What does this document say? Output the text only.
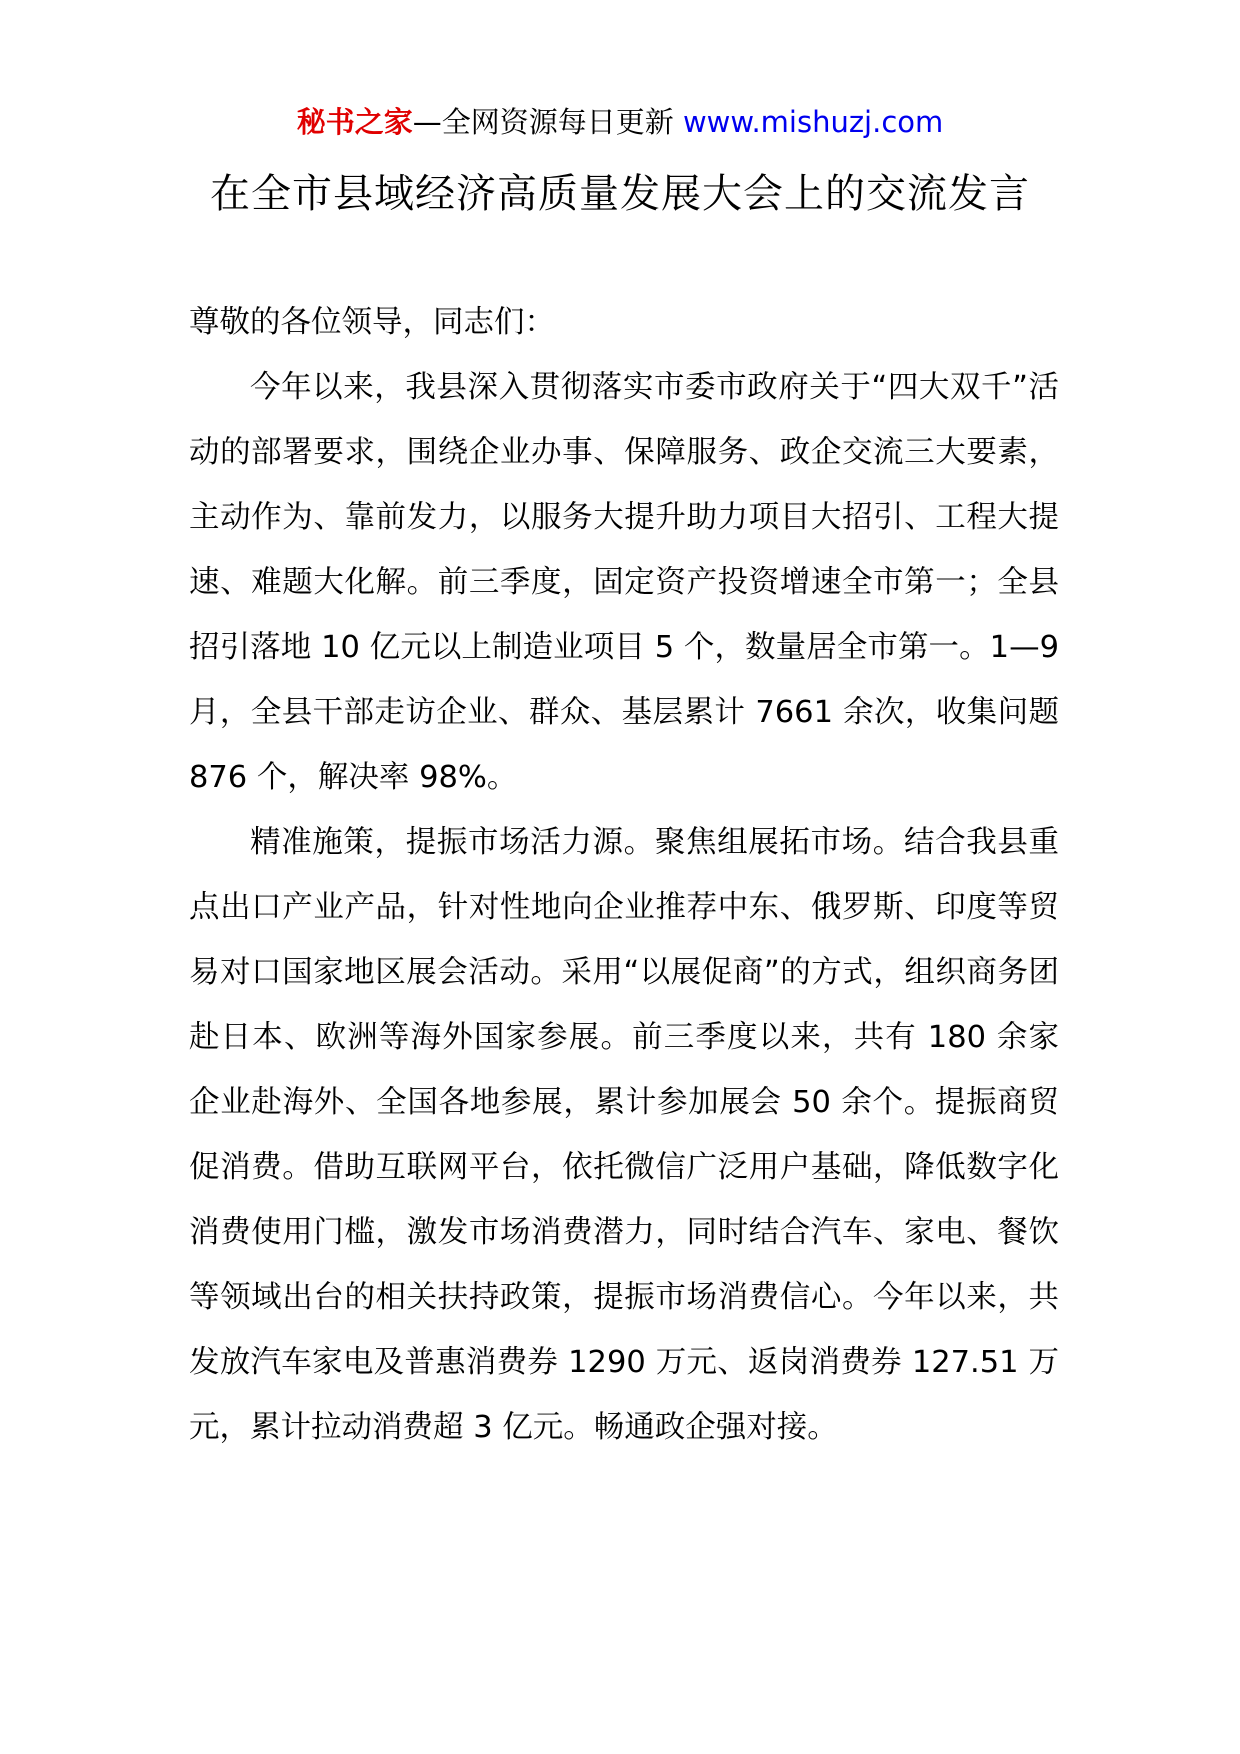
秘书之家—全网资源每日更新 www.mishuzj.com
在全市县域经济高质量发展大会上的交流发言

尊敬的各位领导，同志们：

今年以来，我县深入贯彻落实市委市政府关于“四大双千”活动的部署要求，围绕企业办事、保障服务、政企交流三大要素，主动作为、靠前发力，以服务大提升助力项目大招引、工程大提速、难题大化解。前三季度，固定资产投资增速全市第一；全县招引落地 10 亿元以上制造业项目 5 个，数量居全市第一。1—9 月，全县干部走访企业、群众、基层累计 7661 余次，收集问题 876 个，解决率 98%。

精准施策，提振市场活力源。聚焦组展拓市场。结合我县重点出口产业产品，针对性地向企业推荐中东、俄罗斯、印度等贸易对口国家地区展会活动。采用“以展促商”的方式，组织商务团赴日本、欧洲等海外国家参展。前三季度以来，共有 180 余家企业赴海外、全国各地参展，累计参加展会 50 余个。提振商贸促消费。借助互联网平台，依托微信广泛用户基础，降低数字化消费使用门槛，激发市场消费潜力，同时结合汽车、家电、餐饮等领域出台的相关扶持政策，提振市场消费信心。今年以来，共发放汽车家电及普惠消费券 1290 万元、返岗消费券 127.51 万元，累计拉动消费超 3 亿元。畅通政企强对接。
